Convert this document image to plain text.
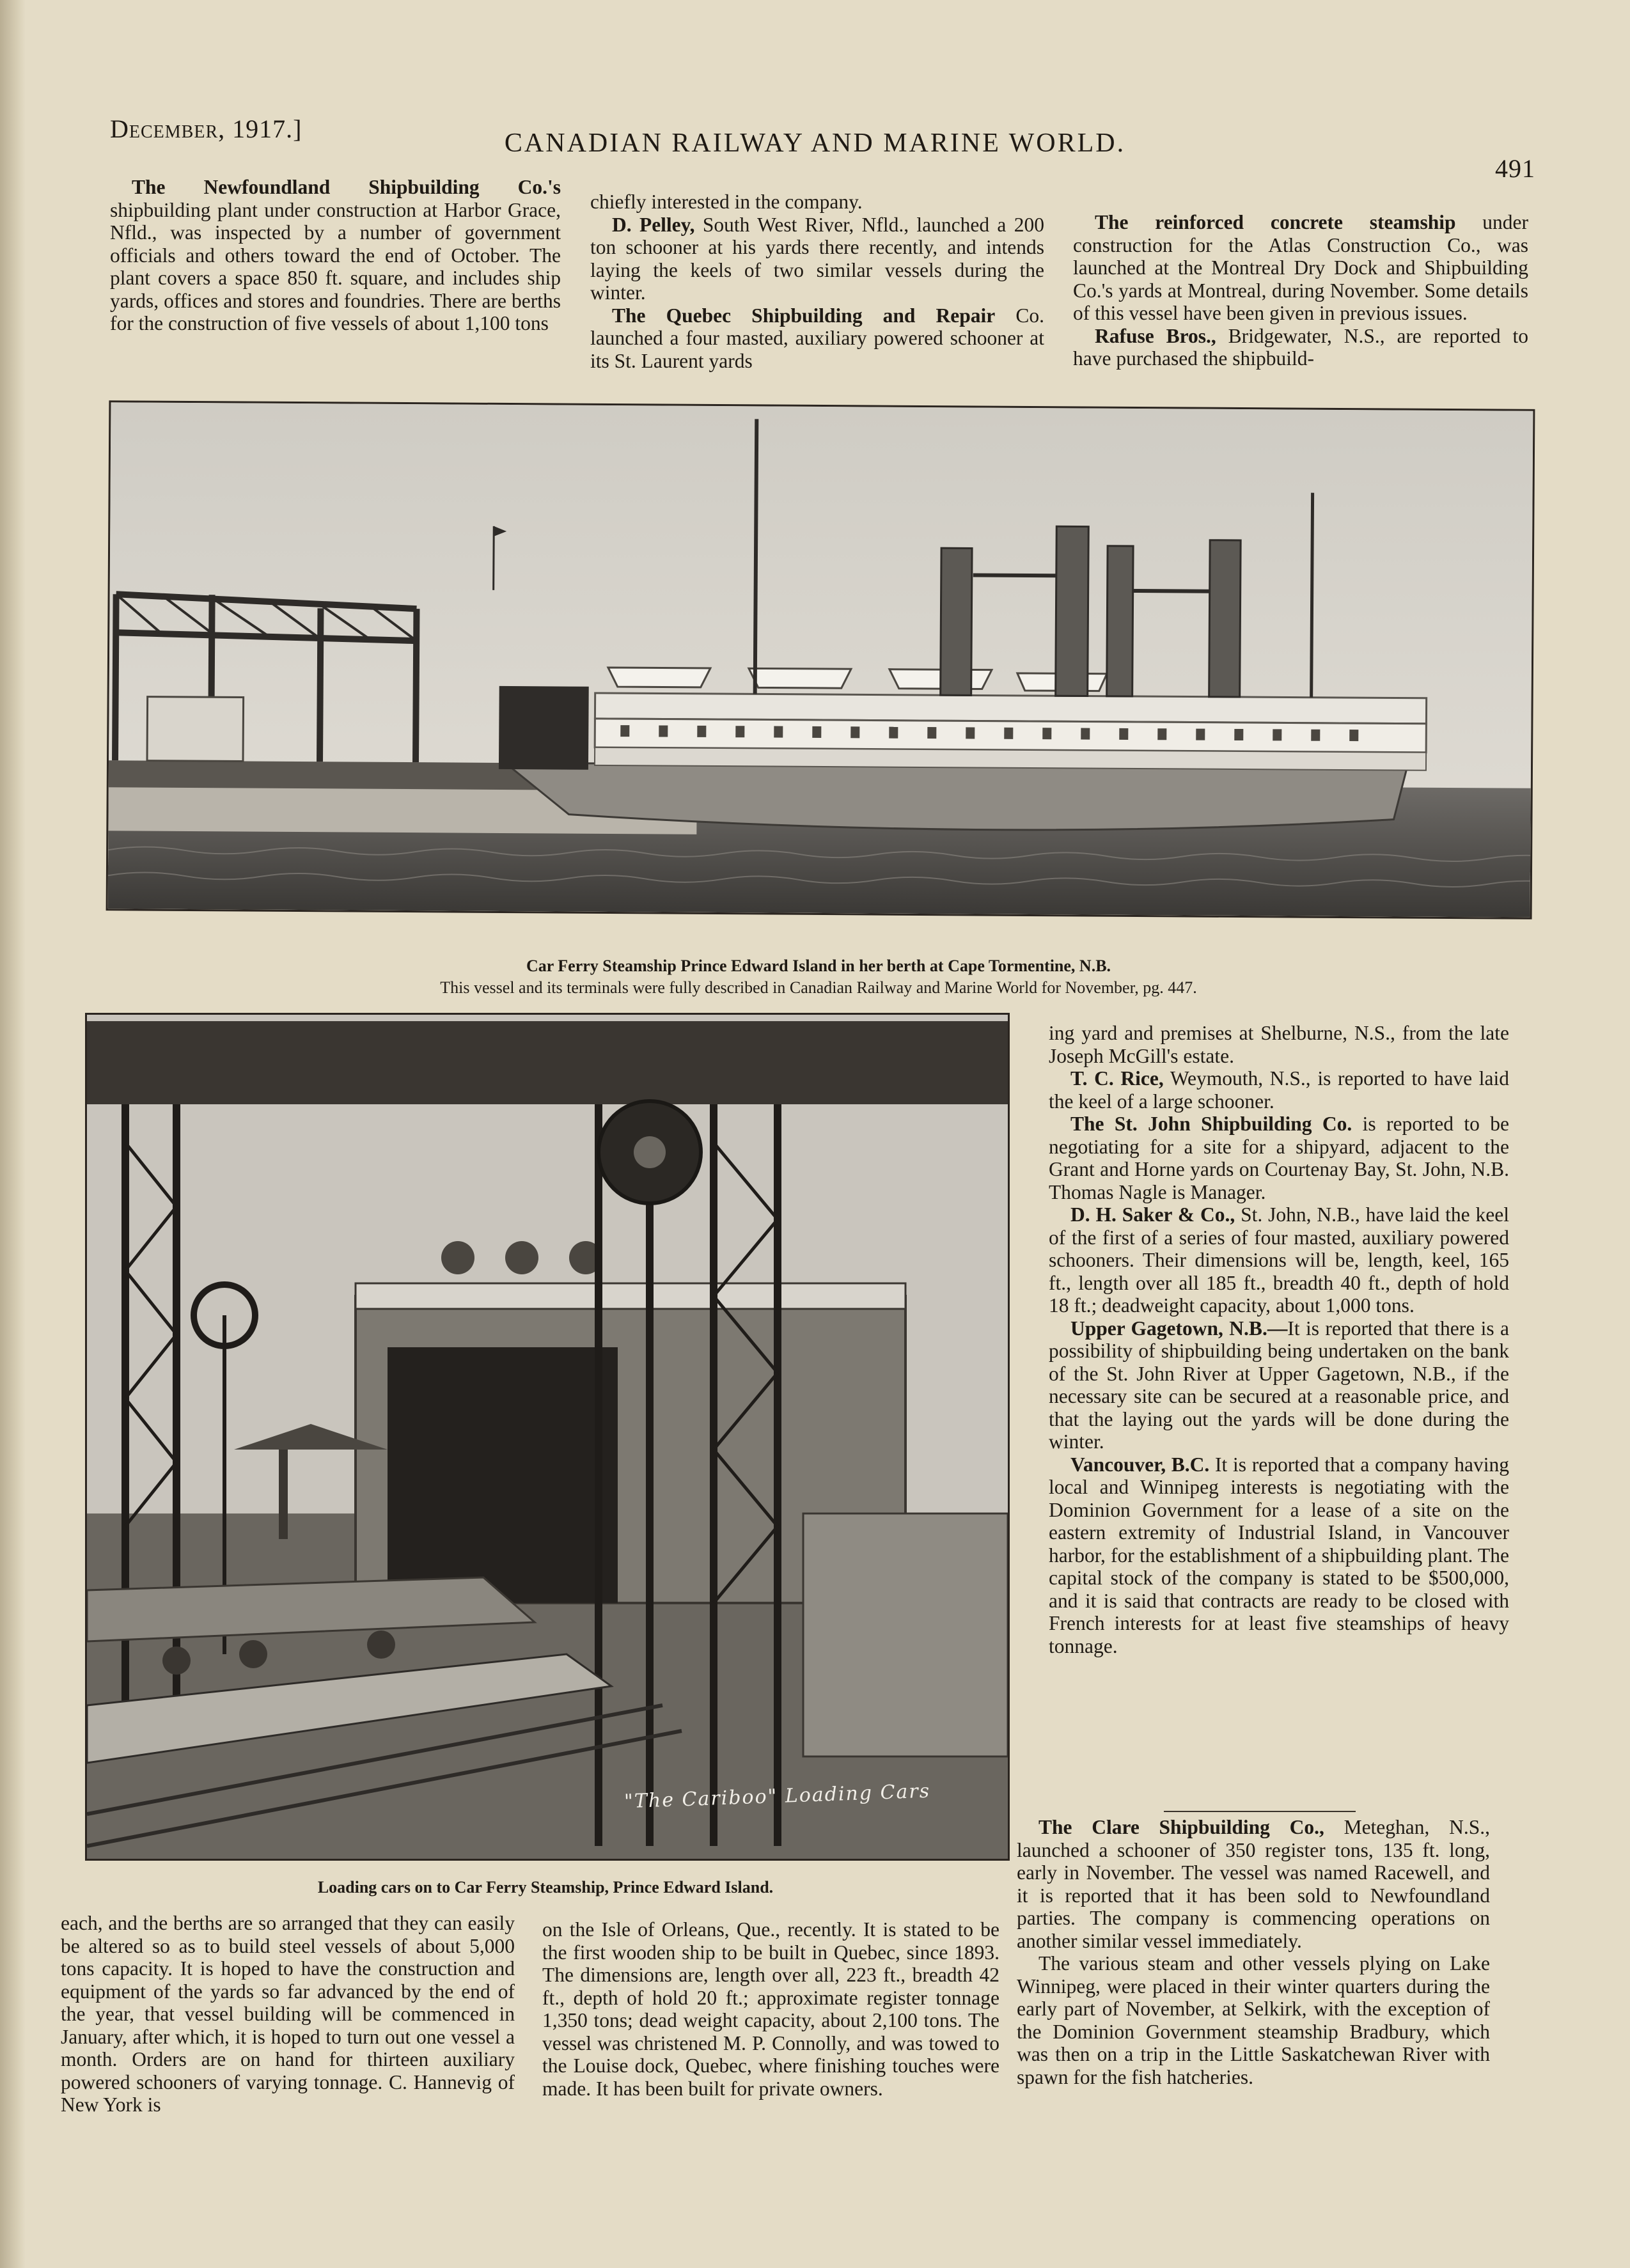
December, 1917.]	CANADIAN RAILWAY AND MARINE WORLD.
491

The Newfoundland Shipbuilding Co.'s shipbuilding plant under construction at Harbor Grace, Nfld., was inspected by a number of government officials and others toward the end of October. The plant covers a space 850 ft. square, and includes ship yards, offices and stores and foundries. There are berths for the construction of five vessels of about 1,100 tons

chiefly interested in the company.

D. Pelley, South West River, Nfld., launched a 200 ton schooner at his yards there recently, and intends laying the keels of two similar vessels during the winter.

The Quebec Shipbuilding and Repair Co. launched a four masted, auxiliary powered schooner at its St. Laurent yards

The reinforced concrete steamship under construction for the Atlas Construction Co., was launched at the Montreal Dry Dock and Shipbuilding Co.'s yards at Montreal, during November. Some details of this vessel have been given in previous issues.

Rafuse Bros., Bridgewater, N.S., are reported to have purchased the shipbuild-

Car Ferry Steamship Prince Edward Island in her berth at Cape Tormentine, N.B.
This vessel and its terminals were fully described in Canadian Railway and Marine World for November, pg. 447.
"The Cariboo" Loading Cars
Loading cars on to Car Ferry Steamship, Prince Edward Island.

ing yard and premises at Shelburne, N.S., from the late Joseph McGill's estate.

T. C. Rice, Weymouth, N.S., is reported to have laid the keel of a large schooner.

The St. John Shipbuilding Co. is reported to be negotiating for a site for a shipyard, adjacent to the Grant and Horne yards on Courtenay Bay, St. John, N.B. Thomas Nagle is Manager.

D. H. Saker & Co., St. John, N.B., have laid the keel of the first of a series of four masted, auxiliary powered schooners. Their dimensions will be, length, keel, 165 ft., length over all 185 ft., breadth 40 ft., depth of hold 18 ft.; deadweight capacity, about 1,000 tons.

Upper Gagetown, N.B.—It is reported that there is a possibility of shipbuilding being undertaken on the bank of the St. John River at Upper Gagetown, N.B., if the necessary site can be secured at a reasonable price, and that the laying out the yards will be done during the winter.

Vancouver, B.C. It is reported that a company having local and Winnipeg interests is negotiating with the Dominion Government for a lease of a site on the eastern extremity of Industrial Island, in Vancouver harbor, for the establishment of a shipbuilding plant. The capital stock of the company is stated to be $500,000, and it is said that contracts are ready to be closed with French interests for at least five steamships of heavy tonnage.

The Clare Shipbuilding Co., Meteghan, N.S., launched a schooner of 350 register tons, 135 ft. long, early in November. The vessel was named Racewell, and it is reported that it has been sold to Newfoundland parties. The company is commencing operations on another similar vessel immediately.

The various steam and other vessels plying on Lake Winnipeg, were placed in their winter quarters during the early part of November, at Selkirk, with the exception of the Dominion Government steamship Bradbury, which was then on a trip in the Little Saskatchewan River with spawn for the fish hatcheries.

each, and the berths are so arranged that they can easily be altered so as to build steel vessels of about 5,000 tons capacity. It is hoped to have the construction and equipment of the yards so far advanced by the end of the year, that vessel building will be commenced in January, after which, it is hoped to turn out one vessel a month. Orders are on hand for thirteen auxiliary powered schooners of varying tonnage. C. Hannevig of New York is

on the Isle of Orleans, Que., recently. It is stated to be the first wooden ship to be built in Quebec, since 1893. The dimensions are, length over all, 223 ft., breadth 42 ft., depth of hold 20 ft.; approximate register tonnage 1,350 tons; dead weight capacity, about 2,100 tons. The vessel was christened M. P. Connolly, and was towed to the Louise dock, Quebec, where finishing touches were made. It has been built for private owners.
